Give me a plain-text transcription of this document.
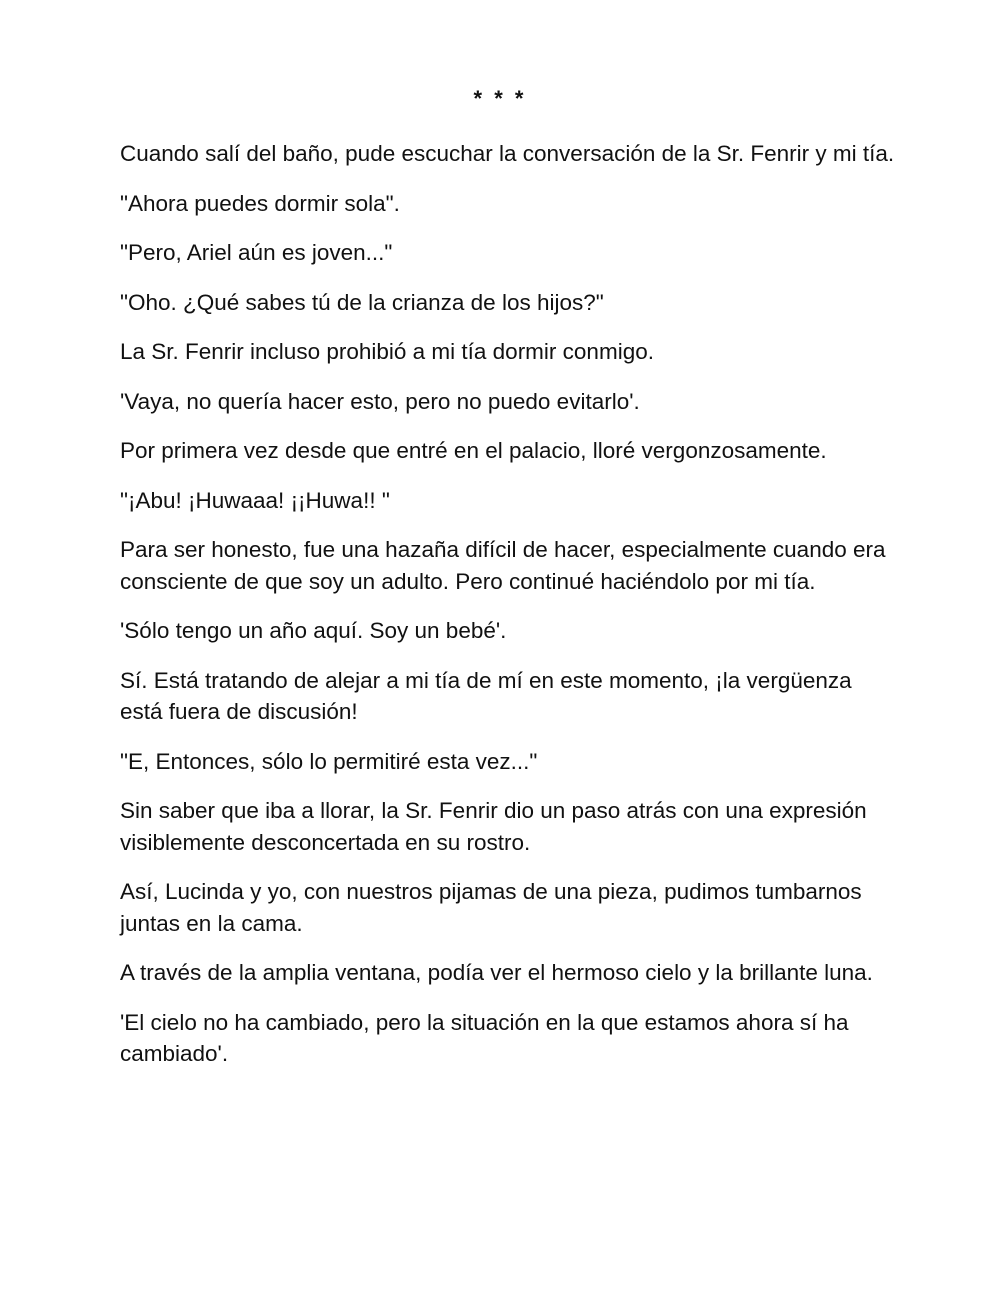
* * *

Cuando salí del baño, pude escuchar la conversación de la Sr. Fenrir y mi tía.

"Ahora puedes dormir sola".

"Pero, Ariel aún es joven..."

"Oho. ¿Qué sabes tú de la crianza de los hijos?"

La Sr. Fenrir incluso prohibió a mi tía dormir conmigo.

'Vaya, no quería hacer esto, pero no puedo evitarlo'.

Por primera vez desde que entré en el palacio, lloré vergonzosamente.

"¡Abu! ¡Huwaaa! ¡¡Huwa!! "

Para ser honesto, fue una hazaña difícil de hacer, especialmente cuando era consciente de que soy un adulto. Pero continué haciéndolo por mi tía.

'Sólo tengo un año aquí. Soy un bebé'.

Sí. Está tratando de alejar a mi tía de mí en este momento, ¡la vergüenza está fuera de discusión!

"E, Entonces, sólo lo permitiré esta vez..."

Sin saber que iba a llorar, la Sr. Fenrir dio un paso atrás con una expresión visiblemente desconcertada en su rostro.

Así, Lucinda y yo, con nuestros pijamas de una pieza, pudimos tumbarnos juntas en la cama.

A través de la amplia ventana, podía ver el hermoso cielo y la brillante luna.

'El cielo no ha cambiado, pero la situación en la que estamos ahora sí ha cambiado'.
